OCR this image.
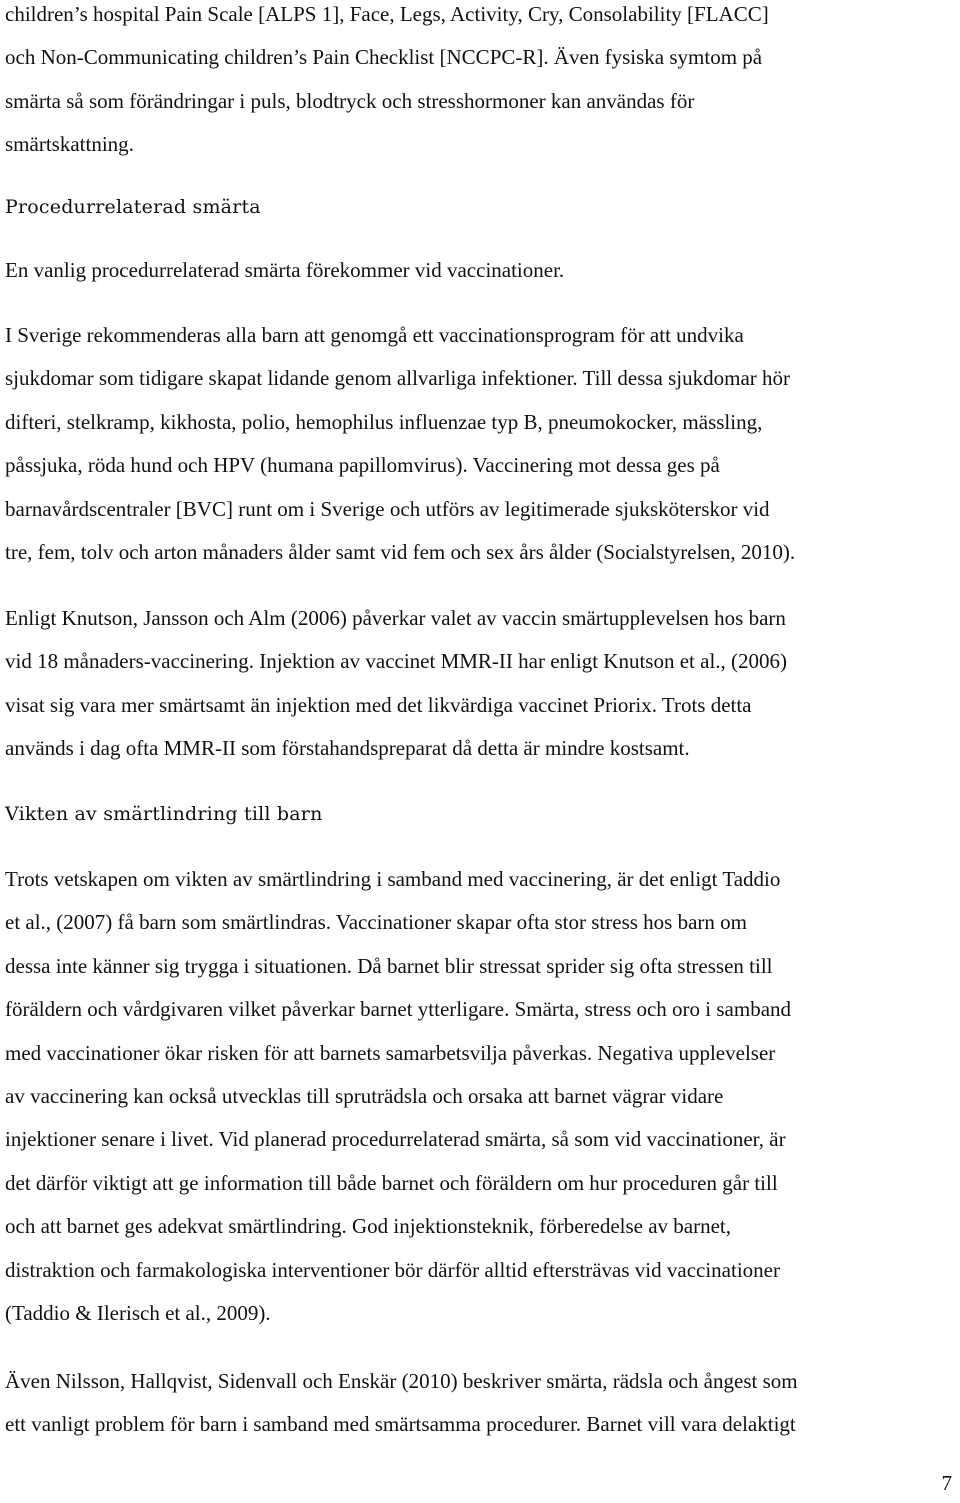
children’s hospital Pain Scale [ALPS 1], Face, Legs, Activity, Cry, Consolability [FLACC]
och Non-Communicating children’s Pain Checklist [NCCPC-R]. Även fysiska symtom på
smärta så som förändringar i puls, blodtryck och stresshormoner kan användas för
smärtskattning.
Procedurrelaterad smärta
En vanlig procedurrelaterad smärta förekommer vid vaccinationer.
I Sverige rekommenderas alla barn att genomgå ett vaccinationsprogram för att undvika
sjukdomar som tidigare skapat lidande genom allvarliga infektioner. Till dessa sjukdomar hör
difteri, stelkramp, kikhosta, polio, hemophilus influenzae typ B, pneumokocker, mässling,
påssjuka, röda hund och HPV (humana papillomvirus). Vaccinering mot dessa ges på
barnavårdscentraler [BVC] runt om i Sverige och utförs av legitimerade sjuksköterskor vid
tre, fem, tolv och arton månaders ålder samt vid fem och sex års ålder (Socialstyrelsen, 2010).
Enligt Knutson, Jansson och Alm (2006) påverkar valet av vaccin smärtupplevelsen hos barn
vid 18 månaders-vaccinering. Injektion av vaccinet MMR-II har enligt Knutson et al., (2006)
visat sig vara mer smärtsamt än injektion med det likvärdiga vaccinet Priorix. Trots detta
används i dag ofta MMR-II som förstahandspreparat då detta är mindre kostsamt.
Vikten av smärtlindring till barn
Trots vetskapen om vikten av smärtlindring i samband med vaccinering, är det enligt Taddio
et al., (2007) få barn som smärtlindras. Vaccinationer skapar ofta stor stress hos barn om
dessa inte känner sig trygga i situationen. Då barnet blir stressat sprider sig ofta stressen till
föräldern och vårdgivaren vilket påverkar barnet ytterligare. Smärta, stress och oro i samband
med vaccinationer ökar risken för att barnets samarbetsvilja påverkas. Negativa upplevelser
av vaccinering kan också utvecklas till spruträdsla och orsaka att barnet vägrar vidare
injektioner senare i livet. Vid planerad procedurrelaterad smärta, så som vid vaccinationer, är
det därför viktigt att ge information till både barnet och föräldern om hur proceduren går till
och att barnet ges adekvat smärtlindring. God injektionsteknik, förberedelse av barnet,
distraktion och farmakologiska interventioner bör därför alltid eftersträvas vid vaccinationer
(Taddio & Ilerisch et al., 2009).
Även Nilsson, Hallqvist, Sidenvall och Enskär (2010) beskriver smärta, rädsla och ångest som
ett vanligt problem för barn i samband med smärtsamma procedurer. Barnet vill vara delaktigt
7
